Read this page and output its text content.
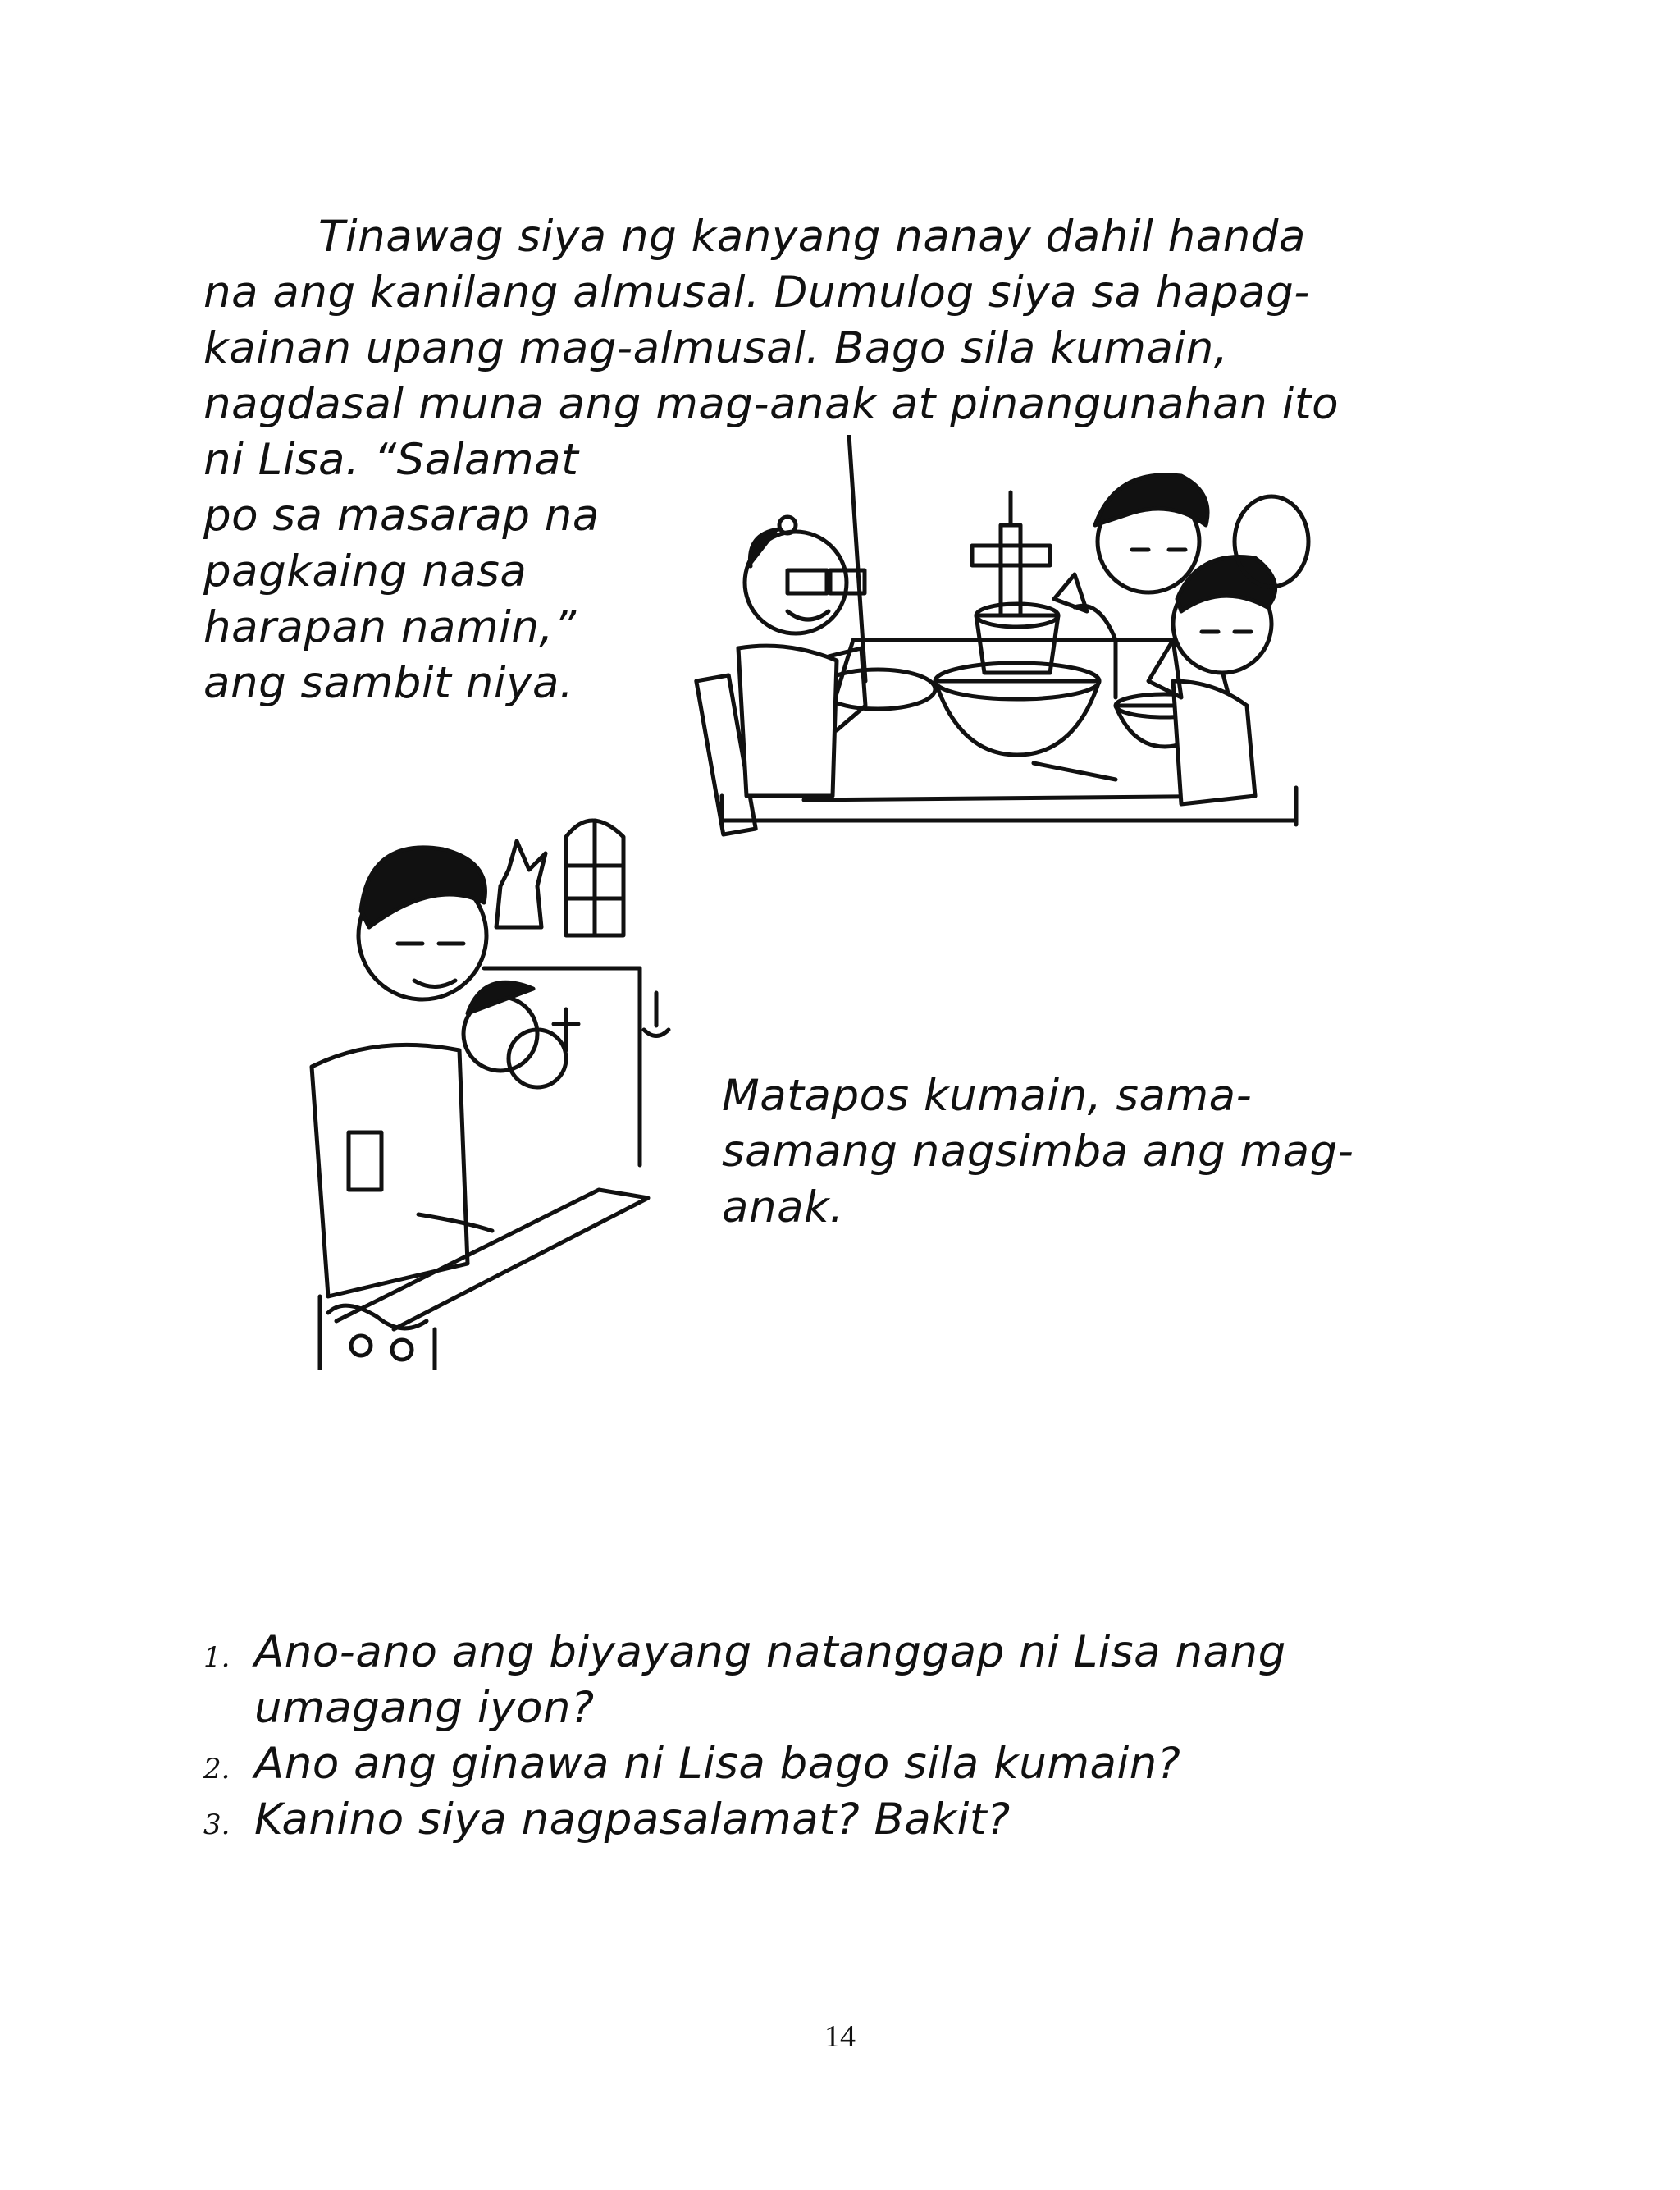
Tinawag siya ng kanyang nanay dahil handa
na ang kanilang almusal. Dumulog siya sa hapag-
kainan upang mag-almusal. Bago sila kumain,
nagdasal muna ang mag-anak at pinangunahan ito
ni Lisa. “Salamat
po sa masarap na
pagkaing nasa
harapan namin,”
ang sambit niya.
Matapos kumain, sama-
samang nagsimba ang mag-
anak.
1. Ano-ano ang biyayang natanggap ni Lisa nang
umagang iyon?
2. Ano ang ginawa ni Lisa bago sila kumain?
3. Kanino siya nagpasalamat? Bakit?
14
